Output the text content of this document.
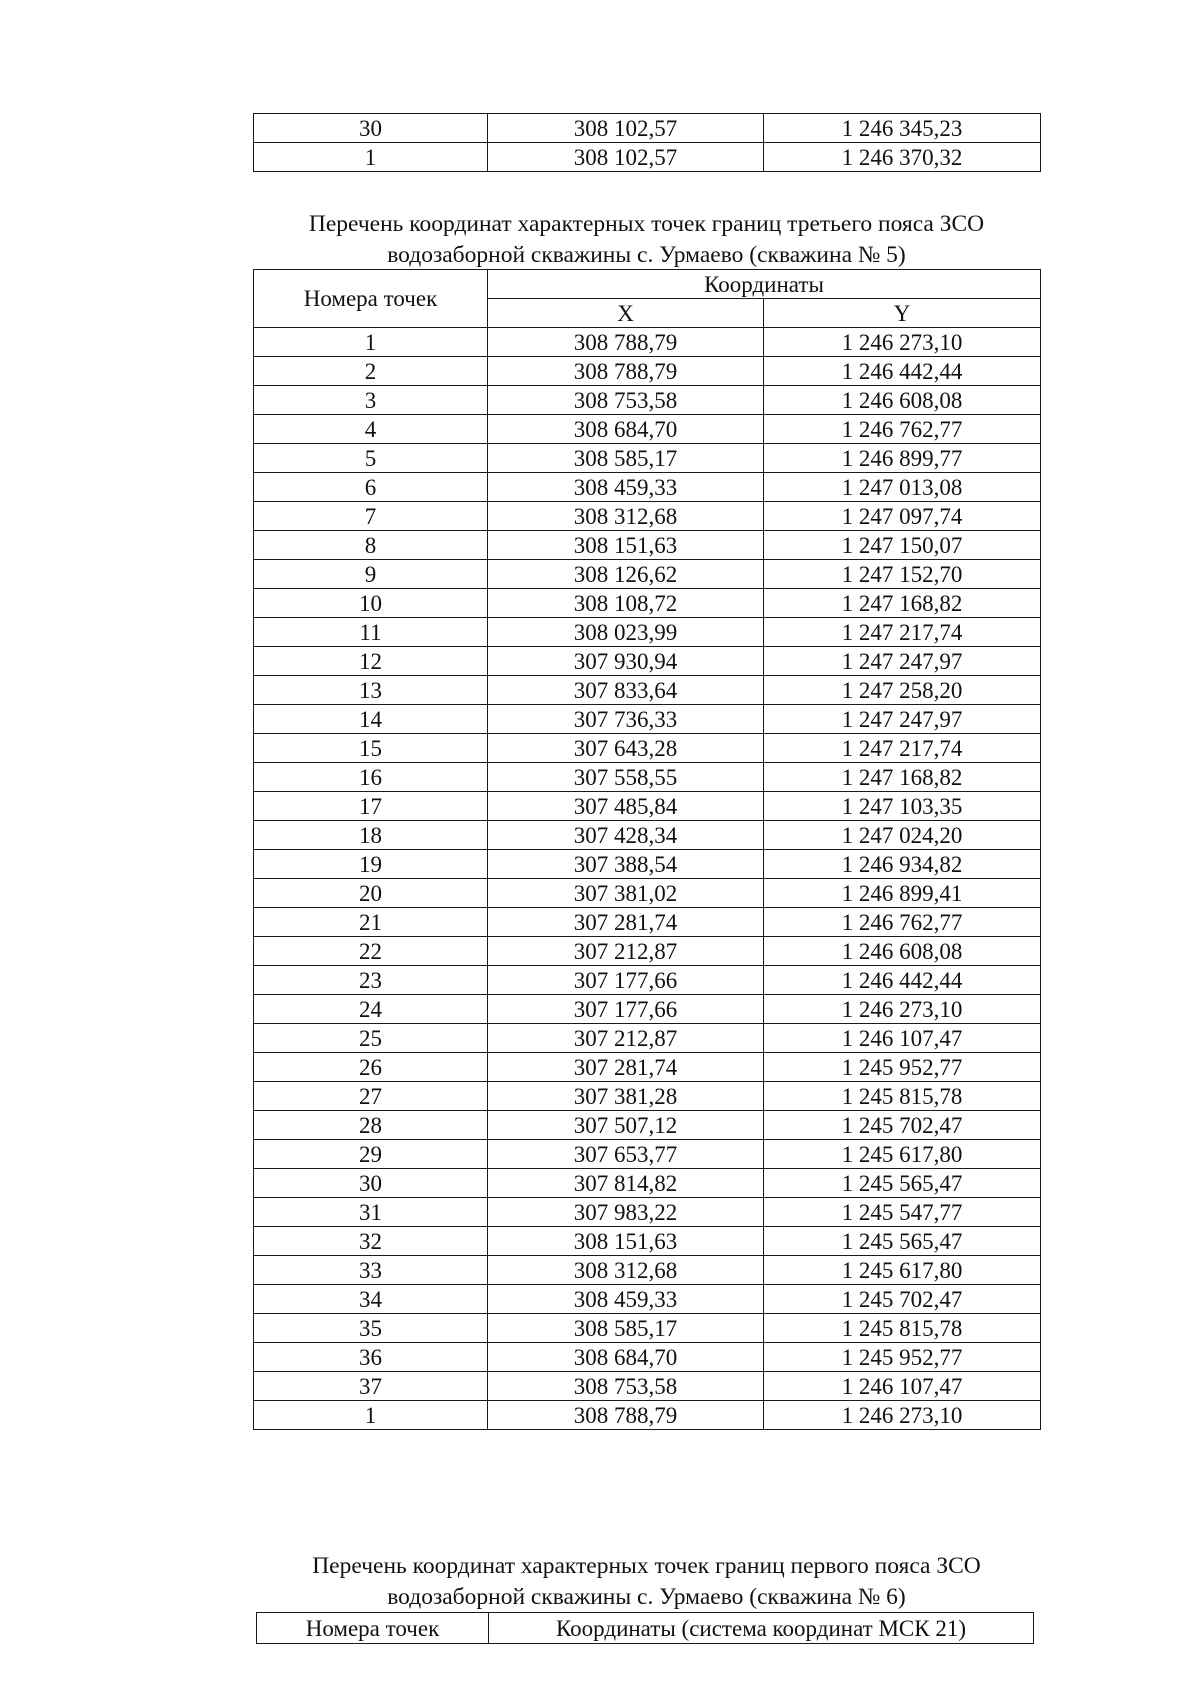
30	308 102,57	1 246 345,23
1	308 102,57	1 246 370,32
Перечень координат характерных точек границ третьего пояса ЗСО
водозаборной скважины с. Урмаево (скважина № 5)
Номера точек	Координаты	
	X	Y
1	308 788,79	1 246 273,10
2	308 788,79	1 246 442,44
3	308 753,58	1 246 608,08
4	308 684,70	1 246 762,77
5	308 585,17	1 246 899,77
6	308 459,33	1 247 013,08
7	308 312,68	1 247 097,74
8	308 151,63	1 247 150,07
9	308 126,62	1 247 152,70
10	308 108,72	1 247 168,82
11	308 023,99	1 247 217,74
12	307 930,94	1 247 247,97
13	307 833,64	1 247 258,20
14	307 736,33	1 247 247,97
15	307 643,28	1 247 217,74
16	307 558,55	1 247 168,82
17	307 485,84	1 247 103,35
18	307 428,34	1 247 024,20
19	307 388,54	1 246 934,82
20	307 381,02	1 246 899,41
21	307 281,74	1 246 762,77
22	307 212,87	1 246 608,08
23	307 177,66	1 246 442,44
24	307 177,66	1 246 273,10
25	307 212,87	1 246 107,47
26	307 281,74	1 245 952,77
27	307 381,28	1 245 815,78
28	307 507,12	1 245 702,47
29	307 653,77	1 245 617,80
30	307 814,82	1 245 565,47
31	307 983,22	1 245 547,77
32	308 151,63	1 245 565,47
33	308 312,68	1 245 617,80
34	308 459,33	1 245 702,47
35	308 585,17	1 245 815,78
36	308 684,70	1 245 952,77
37	308 753,58	1 246 107,47
1	308 788,79	1 246 273,10
Перечень координат характерных точек границ первого пояса ЗСО
водозаборной скважины с. Урмаево (скважина № 6)
Номера точек	Координаты (система координат МСК 21)
